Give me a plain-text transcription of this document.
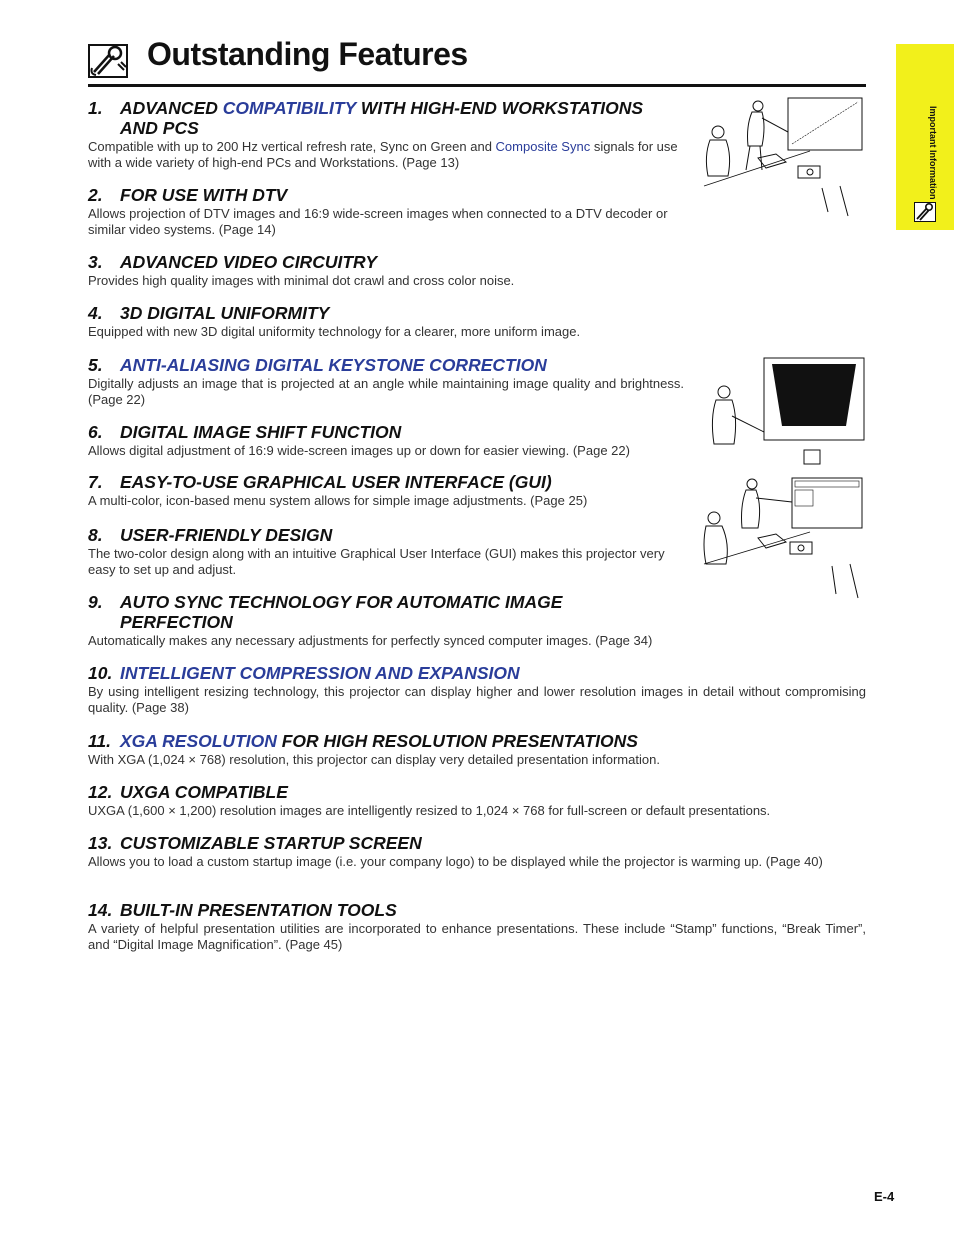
Outstanding Features
Important Information
1. ADVANCED COMPATIBILITY WITH HIGH-END WORKSTATIONS
AND PCS

Compatible with up to 200 Hz vertical refresh rate, Sync on Green and Composite Sync signals for use with a wide variety of high-end PCs and Workstations. (Page 13)

2. FOR USE WITH DTV

Allows projection of DTV images and 16:9 wide-screen images when connected to a DTV decoder or similar video systems. (Page 14)

3. ADVANCED VIDEO CIRCUITRY

Provides high quality images with minimal dot crawl and cross color noise.

4. 3D DIGITAL UNIFORMITY

Equipped with new 3D digital uniformity technology for a clearer, more uniform image.

5. ANTI-ALIASING DIGITAL KEYSTONE CORRECTION

Digitally adjusts an image that is projected at an angle while maintaining image quality and brightness. (Page 22)

6. DIGITAL IMAGE SHIFT FUNCTION

Allows digital adjustment of 16:9 wide-screen images up or down for easier viewing. (Page 22)

7. EASY-TO-USE GRAPHICAL USER INTERFACE (GUI)

A multi-color, icon-based menu system allows for simple image adjustments. (Page 25)

8. USER-FRIENDLY DESIGN

The two-color design along with an intuitive Graphical User Interface (GUI) makes this projector very easy to set up and adjust.

9. AUTO SYNC TECHNOLOGY FOR AUTOMATIC IMAGE
PERFECTION

Automatically makes any necessary adjustments for perfectly synced computer images. (Page 34)

10. INTELLIGENT COMPRESSION AND EXPANSION

By using intelligent resizing technology, this projector can display higher and lower resolution images in detail without compromising quality. (Page 38)

11. XGA RESOLUTION FOR HIGH RESOLUTION PRESENTATIONS

With XGA (1,024 × 768) resolution, this projector can display very detailed presentation information.

12. UXGA COMPATIBLE

UXGA (1,600 × 1,200) resolution images are intelligently resized to 1,024 × 768 for full-screen or default presentations.

13. CUSTOMIZABLE STARTUP SCREEN

Allows you to load a custom startup image (i.e. your company logo) to be displayed while the projector is warming up. (Page 40)

14. BUILT-IN PRESENTATION TOOLS

A variety of helpful presentation utilities are incorporated to enhance presentations. These include “Stamp” functions, “Break Timer”, and “Digital Image Magnification”. (Page 45)

E-4
